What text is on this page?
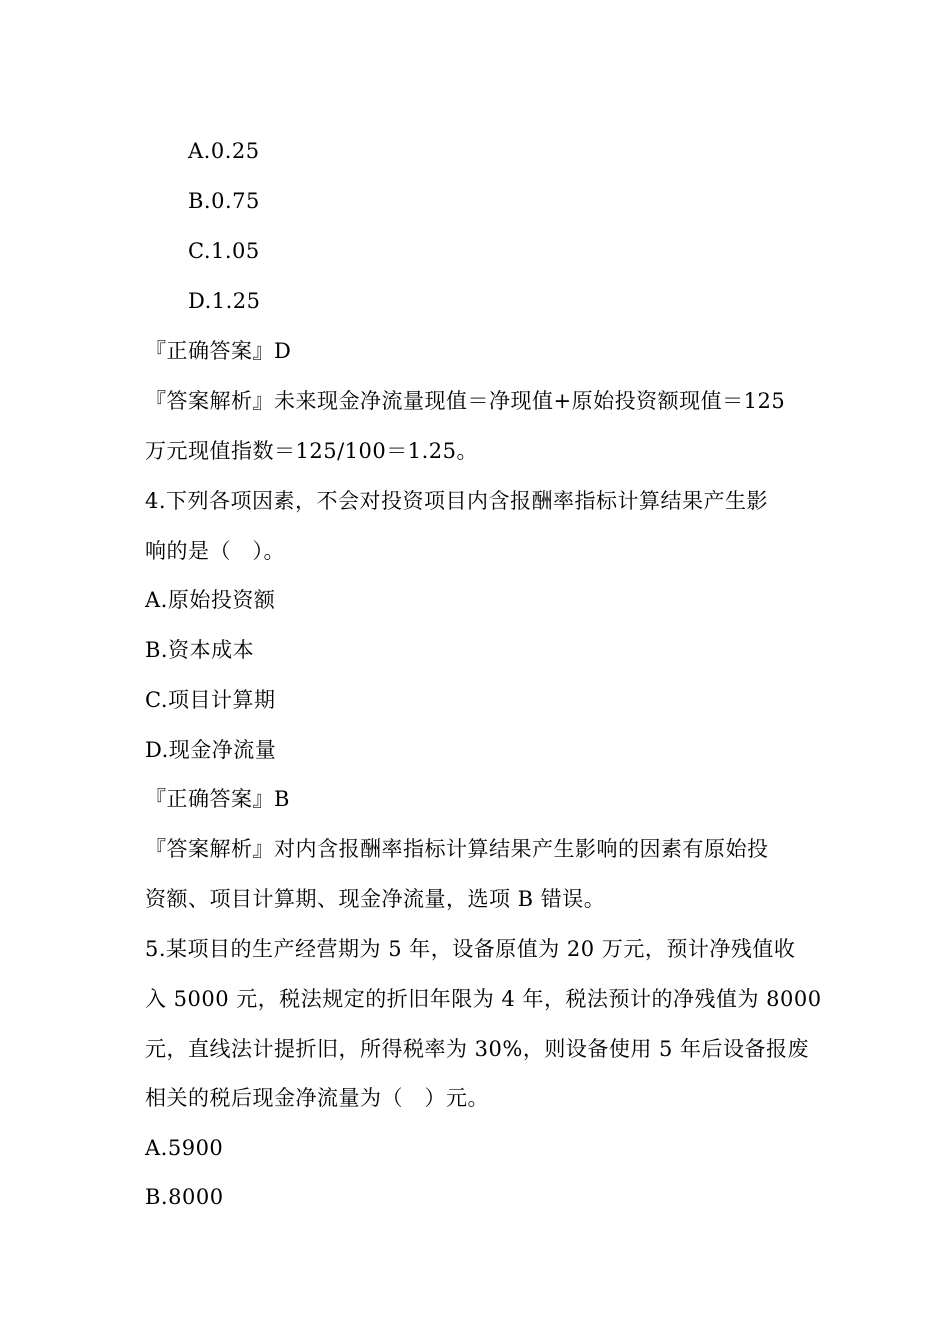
A.0.25
B.0.75
C.1.05
D.1.25
『正确答案』D
『答案解析』未来现金净流量现值＝净现值+原始投资额现值＝125
万元现值指数＝125/100＝1.25。
4.下列各项因素，不会对投资项目内含报酬率指标计算结果产生影
响的是（　）。
A.原始投资额
B.资本成本
C.项目计算期
D.现金净流量
『正确答案』B
『答案解析』对内含报酬率指标计算结果产生影响的因素有原始投
资额、项目计算期、现金净流量，选项 B 错误。
5.某项目的生产经营期为 5 年，设备原值为 20 万元，预计净残值收
入 5000 元，税法规定的折旧年限为 4 年，税法预计的净残值为 8000
元，直线法计提折旧，所得税率为 30%，则设备使用 5 年后设备报废
相关的税后现金净流量为（　）元。
A.5900
B.8000
